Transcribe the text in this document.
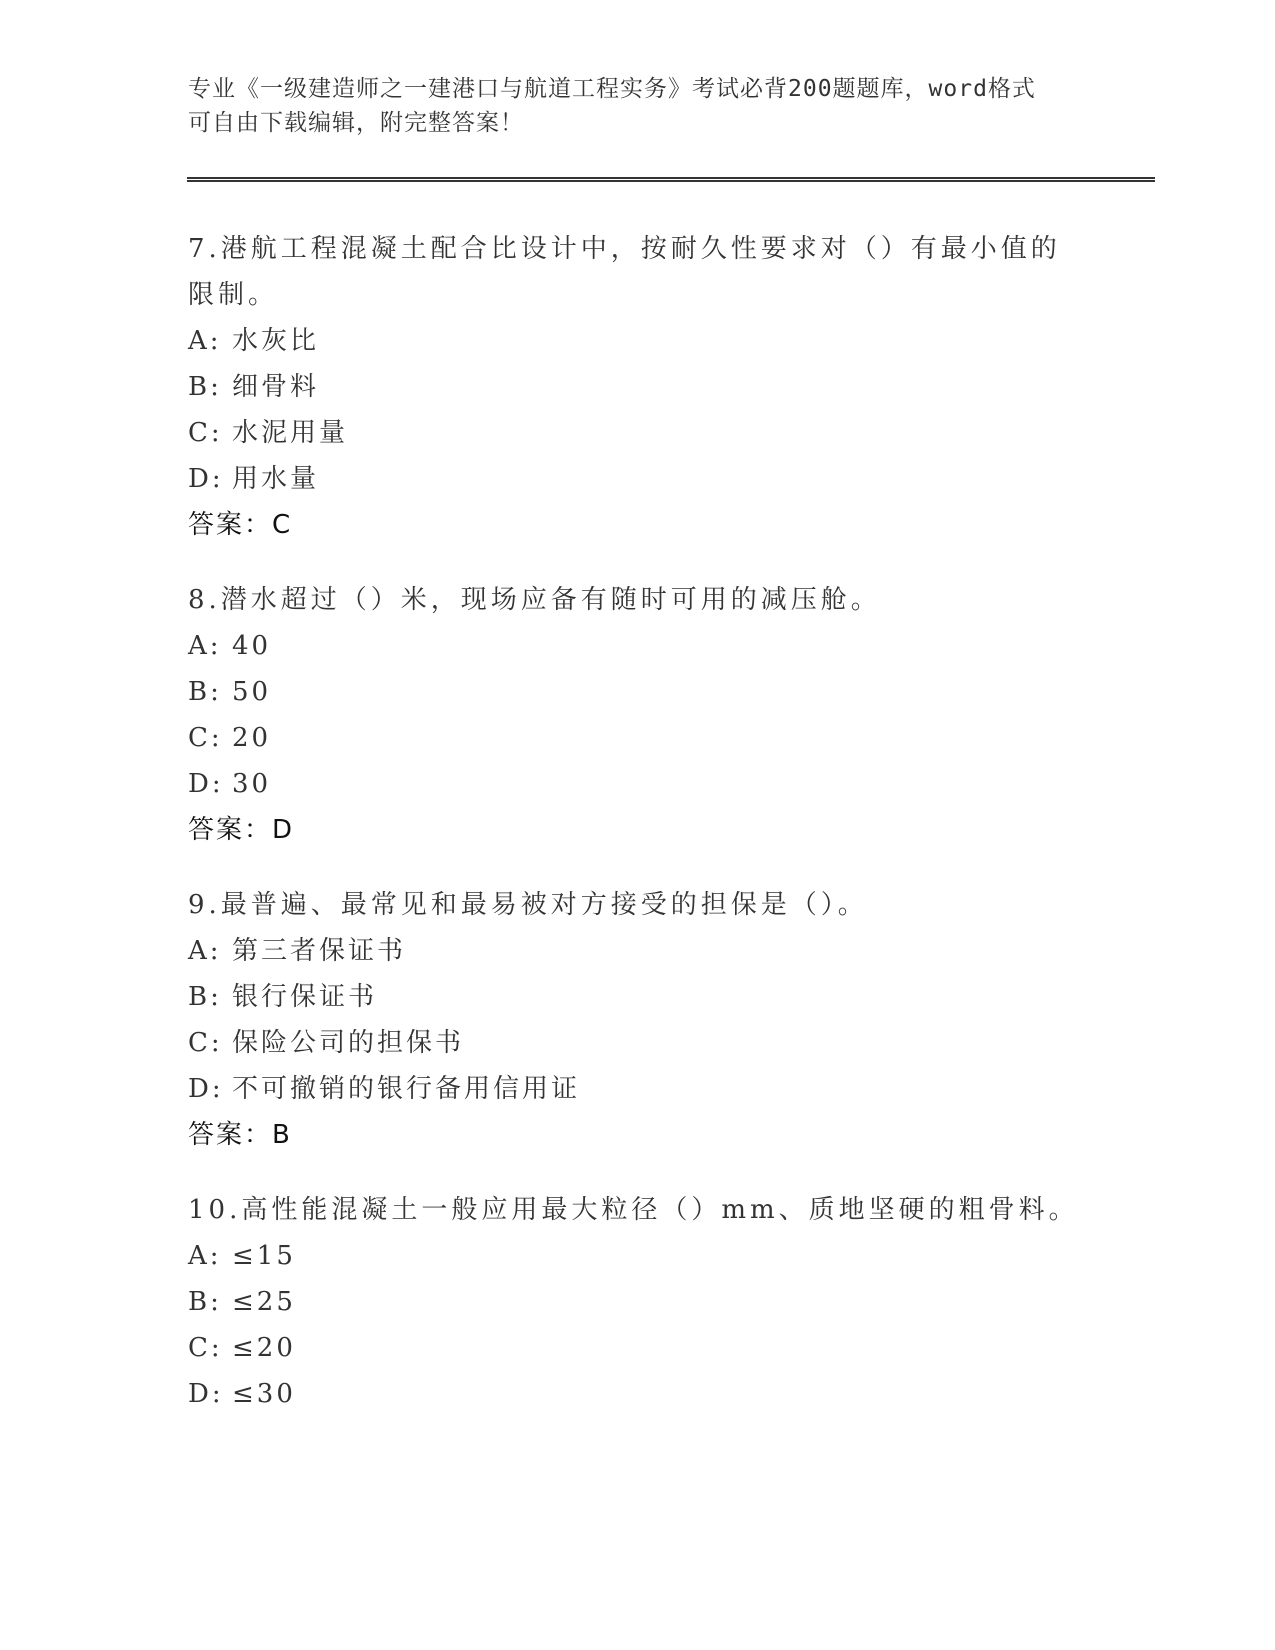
专业《一级建造师之一建港口与航道工程实务》考试必背200题题库，word格式
可自由下载编辑，附完整答案！

7.港航工程混凝土配合比设计中，按耐久性要求对（）有最小值的限制。

A: 水灰比
B: 细骨料
C: 水泥用量
D: 用水量
答案：C

8.潜水超过（）米，现场应备有随时可用的减压舱。

A: 40
B: 50
C: 20
D: 30
答案：D

9.最普遍、最常见和最易被对方接受的担保是（）。

A: 第三者保证书
B: 银行保证书
C: 保险公司的担保书
D: 不可撤销的银行备用信用证
答案：B

10.高性能混凝土一般应用最大粒径（）mm、质地坚硬的粗骨料。

A: ≤15
B: ≤25
C: ≤20
D: ≤30
